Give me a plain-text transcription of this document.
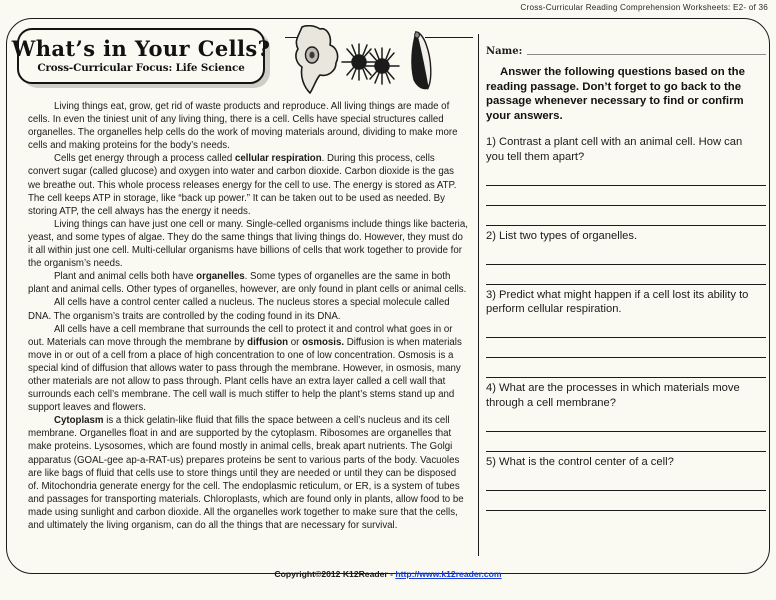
Cross-Curricular Reading Comprehension Worksheets: E2- of 36
What’s in Your Cells?
Cross-Curricular Focus: Life Science

Living things eat, grow, get rid of waste products and reproduce. All living things are made of cells. In even the tiniest unit of any living thing, there is a cell. Cells have special structures called organelles. The organelles help cells do the work of moving materials around, dividing to make more cells and making proteins for the body’s needs.

Cells get energy through a process called cellular respiration. During this process, cells convert sugar (called glucose) and oxygen into water and carbon dioxide. Carbon dioxide is the gas we breathe out. This whole process releases energy for the cell to use. The energy is stored as ATP. The cell keeps ATP in storage, like “back up power.” It can be taken out to be used as needed. By storing ATP, the cell always has the energy it needs.

Living things can have just one cell or many. Single-celled organisms include things like bacteria, yeast, and some types of algae. They do the same things that living things do. However, they must do it all within just one cell. Multi-cellular organisms have billions of cells that work together to provide for the organism’s needs.

Plant and animal cells both have organelles. Some types of organelles are the same in both plant and animal cells. Other types of organelles, however, are only found in plant cells or animal cells.

All cells have a control center called a nucleus. The nucleus stores a special molecule called DNA. The organism’s traits are controlled by the coding found in its DNA.

All cells have a cell membrane that surrounds the cell to protect it and control what goes in or out. Materials can move through the membrane by diffusion or osmosis. Diffusion is when materials move in or out of a cell from a place of high concentration to one of low concentration. Osmosis is a special kind of diffusion that allows water to pass through the membrane. However, in osmosis, many other materials are not allow to pass through. Plant cells have an extra layer called a cell wall that surrounds each cell’s membrane. The cell wall is much stiffer to help the plant’s stems stand up and support leaves and flowers.

Cytoplasm is a thick gelatin-like fluid that fills the space between a cell’s nucleus and its cell membrane. Organelles float in and are supported by the cytoplasm. Ribosomes are organelles that make proteins. Lysosomes, which are found mostly in animal cells, break apart nutrients. The Golgi apparatus (GOAL-gee ap-a-RAT-us) prepares proteins be sent to various parts of the body. Vacuoles are like bags of fluid that cells use to store things until they are needed or until they can be disposed of. Mitochondria generate energy for the cell. The endoplasmic reticulum, or ER, is a system of tubes and passages for transporting materials. Chloroplasts, which are found only in plants, allow food to be made using sunlight and carbon dioxide. All the organelles work together to make sure that the cells, and ultimately the living organism, can do all the things that are necessary for survival.

Name:
Answer the following questions based on the reading passage. Don’t forget to go back to the passage whenever necessary to find or confirm your answers.
1) Contrast a plant cell with an animal cell. How can you tell them apart?
2) List two types of organelles.
3) Predict what might happen if a cell lost its ability to perform cellular respiration.
4) What are the processes in which materials move through a cell membrane?
5) What is the control center of a cell?
Copyright©2012 K12Reader - http://www.k12reader.com
